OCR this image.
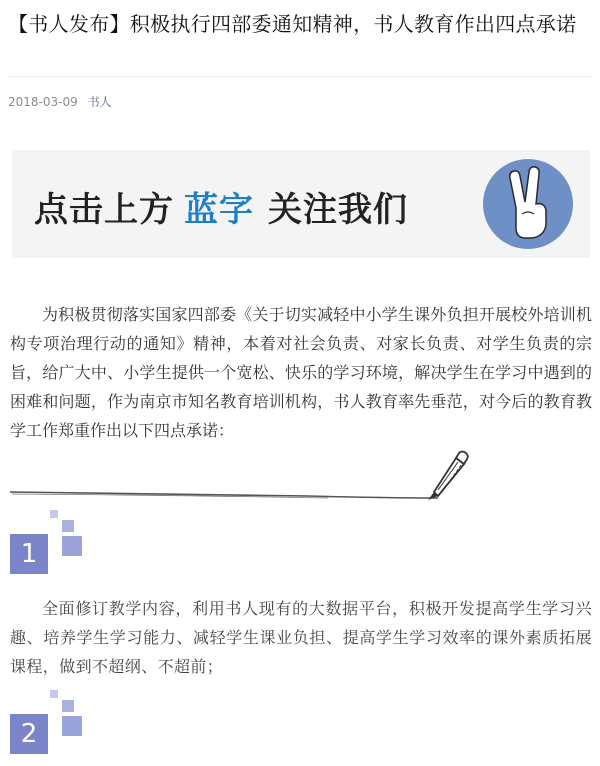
【书人发布】积极执行四部委通知精神，书人教育作出四点承诺
2018-03-09 书人
点击上方 蓝字 关注我们
为积极贯彻落实国家四部委《关于切实减轻中小学生课外负担开展校外培训机构专项治理行动的通知》精神，本着对社会负责、对家长负责、对学生负责的宗旨，给广大中、小学生提供一个宽松、快乐的学习环境，解决学生在学习中遇到的困难和问题，作为南京市知名教育培训机构，书人教育率先垂范，对今后的教育教学工作郑重作出以下四点承诺：
1
全面修订教学内容，利用书人现有的大数据平台，积极开发提高学生学习兴趣、培养学生学习能力、减轻学生课业负担、提高学生学习效率的课外素质拓展课程，做到不超纲、不超前；
2
